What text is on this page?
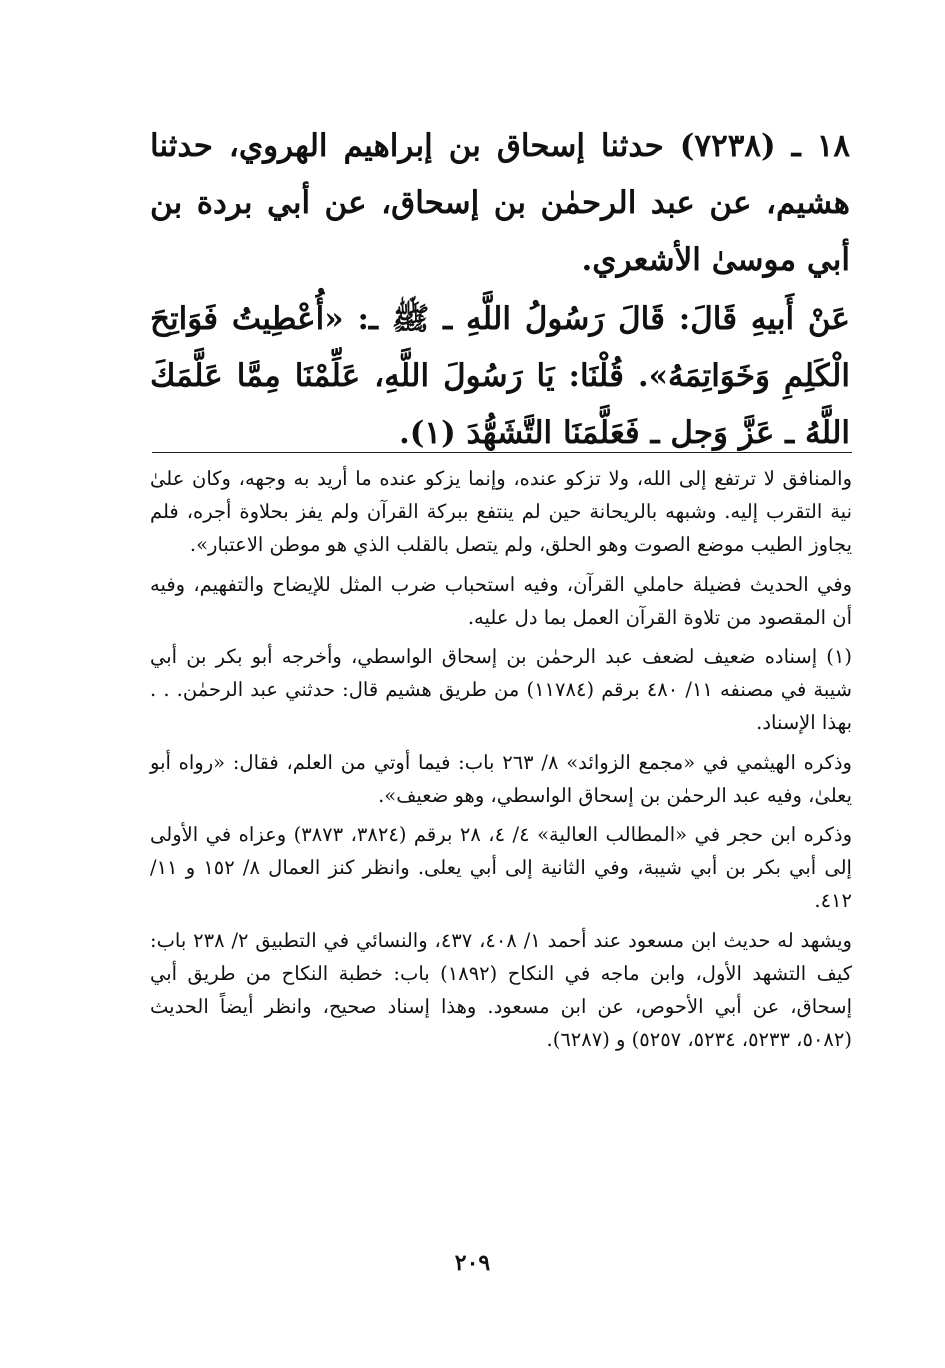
١٨ ـ (٧٢٣٨) حدثنا إسحاق بن إبراهيم الهروي، حدثنا هشيم، عن عبد الرحمٰن بن إسحاق، عن أبي بردة بن أبي موسىٰ الأشعري.

عَنْ أَبيهِ قَالَ: قَالَ رَسُولُ اللَّهِ ـ ﷺ ـ: «أُعْطِيتُ فَوَاتِحَ الْكَلِمِ وَخَوَاتِمَهُ». قُلْنَا: يَا رَسُولَ اللَّهِ، عَلِّمْنَا مِمَّا عَلَّمَكَ اللَّهُ ـ عَزَّ وَجل ـ فَعَلَّمَنَا التَّشَهُّدَ (١).

والمنافق لا ترتفع إلى الله، ولا تزكو عنده، وإنما يزكو عنده ما أريد به وجهه، وكان علىٰ نية التقرب إليه. وشبهه بالريحانة حين لم ينتفع ببركة القرآن ولم يفز بحلاوة أجره، فلم يجاوز الطيب موضع الصوت وهو الحلق، ولم يتصل بالقلب الذي هو موطن الاعتبار».

وفي الحديث فضيلة حاملي القرآن، وفيه استحباب ضرب المثل للإيضاح والتفهيم، وفيه أن المقصود من تلاوة القرآن العمل بما دل عليه.

(١) إسناده ضعيف لضعف عبد الرحمٰن بن إسحاق الواسطي، وأخرجه أبو بكر بن أبي شيبة في مصنفه ١١/ ٤٨٠ برقم (١١٧٨٤) من طريق هشيم قال: حدثني عبد الرحمٰن. . . بهذا الإسناد.

وذكره الهيثمي في «مجمع الزوائد» ٨/ ٢٦٣ باب: فيما أوتي من العلم، فقال: «رواه أبو يعلىٰ، وفيه عبد الرحمٰن بن إسحاق الواسطي، وهو ضعيف».

وذكره ابن حجر في «المطالب العالية» ٤/ ٤، ٢٨ برقم (٣٨٢٤، ٣٨٧٣) وعزاه في الأولى إلى أبي بكر بن أبي شيبة، وفي الثانية إلى أبي يعلى. وانظر كنز العمال ٨/ ١٥٢ و ١١/ ٤١٢.

ويشهد له حديث ابن مسعود عند أحمد ١/ ٤٠٨، ٤٣٧، والنسائي في التطبيق ٢/ ٢٣٨ باب: كيف التشهد الأول، وابن ماجه في النكاح (١٨٩٢) باب: خطبة النكاح من طريق أبي إسحاق، عن أبي الأحوص، عن ابن مسعود. وهذا إسناد صحيح، وانظر أيضاً الحديث (٥٠٨٢، ٥٢٣٣، ٥٢٣٤، ٥٢٥٧) و (٦٢٨٧).

٢٠٩
